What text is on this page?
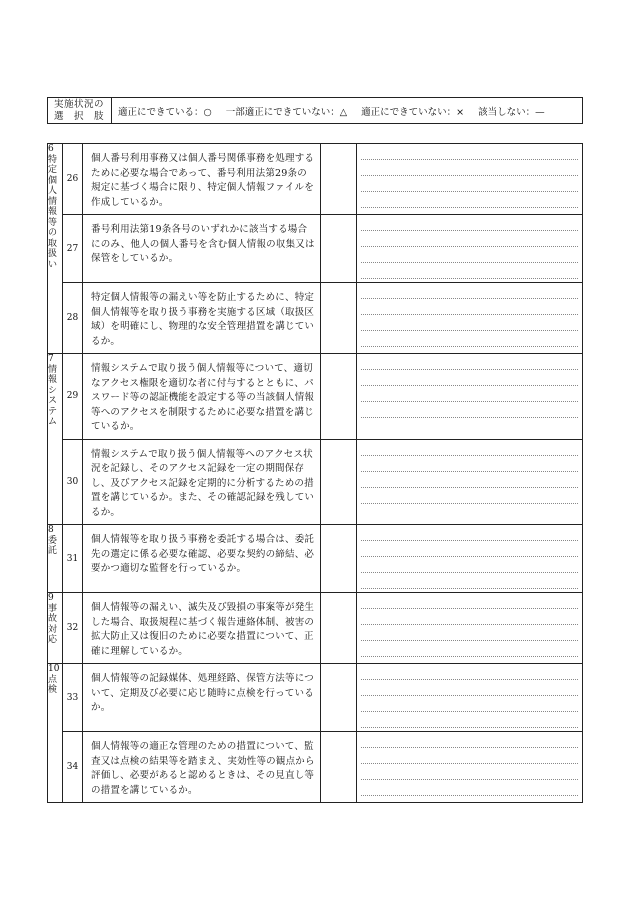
実施状況の
選　択　肢	適正にできている：○ 一部適正にできていない：△ 適正にできていない：× 該当しない：—
6
特定個人情報等の取扱い	26	個人番号利用事務又は個人番号関係事務を処理するために必要な場合であって、番号利用法第29条の規定に基づく場合に限り、特定個人情報ファイルを作成しているか。		

	27	番号利用法第19条各号のいずれかに該当する場合にのみ、他人の個人番号を含む個人情報の収集又は保管をしているか。		

	28	特定個人情報等の漏えい等を防止するために、特定個人情報等を取り扱う事務を実施する区域（取扱区域）を明確にし、物理的な安全管理措置を講じているか。		

7
情報システム	29	情報システムで取り扱う個人情報等について、適切なアクセス権限を適切な者に付与するとともに、パスワード等の認証機能を設定する等の当該個人情報等へのアクセスを制限するために必要な措置を講じているか。		

	30	情報システムで取り扱う個人情報等へのアクセス状況を記録し、そのアクセス記録を一定の期間保存し、及びアクセス記録を定期的に分析するための措置を講じているか。また、その確認記録を残しているか。		

8
委託	31	個人情報等を取り扱う事務を委託する場合は、委託先の選定に係る必要な確認、必要な契約の締結、必要かつ適切な監督を行っているか。		

9
事故対応	32	個人情報等の漏えい、滅失及び毀損の事案等が発生した場合、取扱規程に基づく報告連絡体制、被害の拡大防止又は復旧のために必要な措置について、正確に理解しているか。		

10
点検	33	個人情報等の記録媒体、処理経路、保管方法等について、定期及び必要に応じ随時に点検を行っているか。		

	34	個人情報等の適正な管理のための措置について、監査又は点検の結果等を踏まえ、実効性等の観点から評価し、必要があると認めるときは、その見直し等の措置を講じているか。		
